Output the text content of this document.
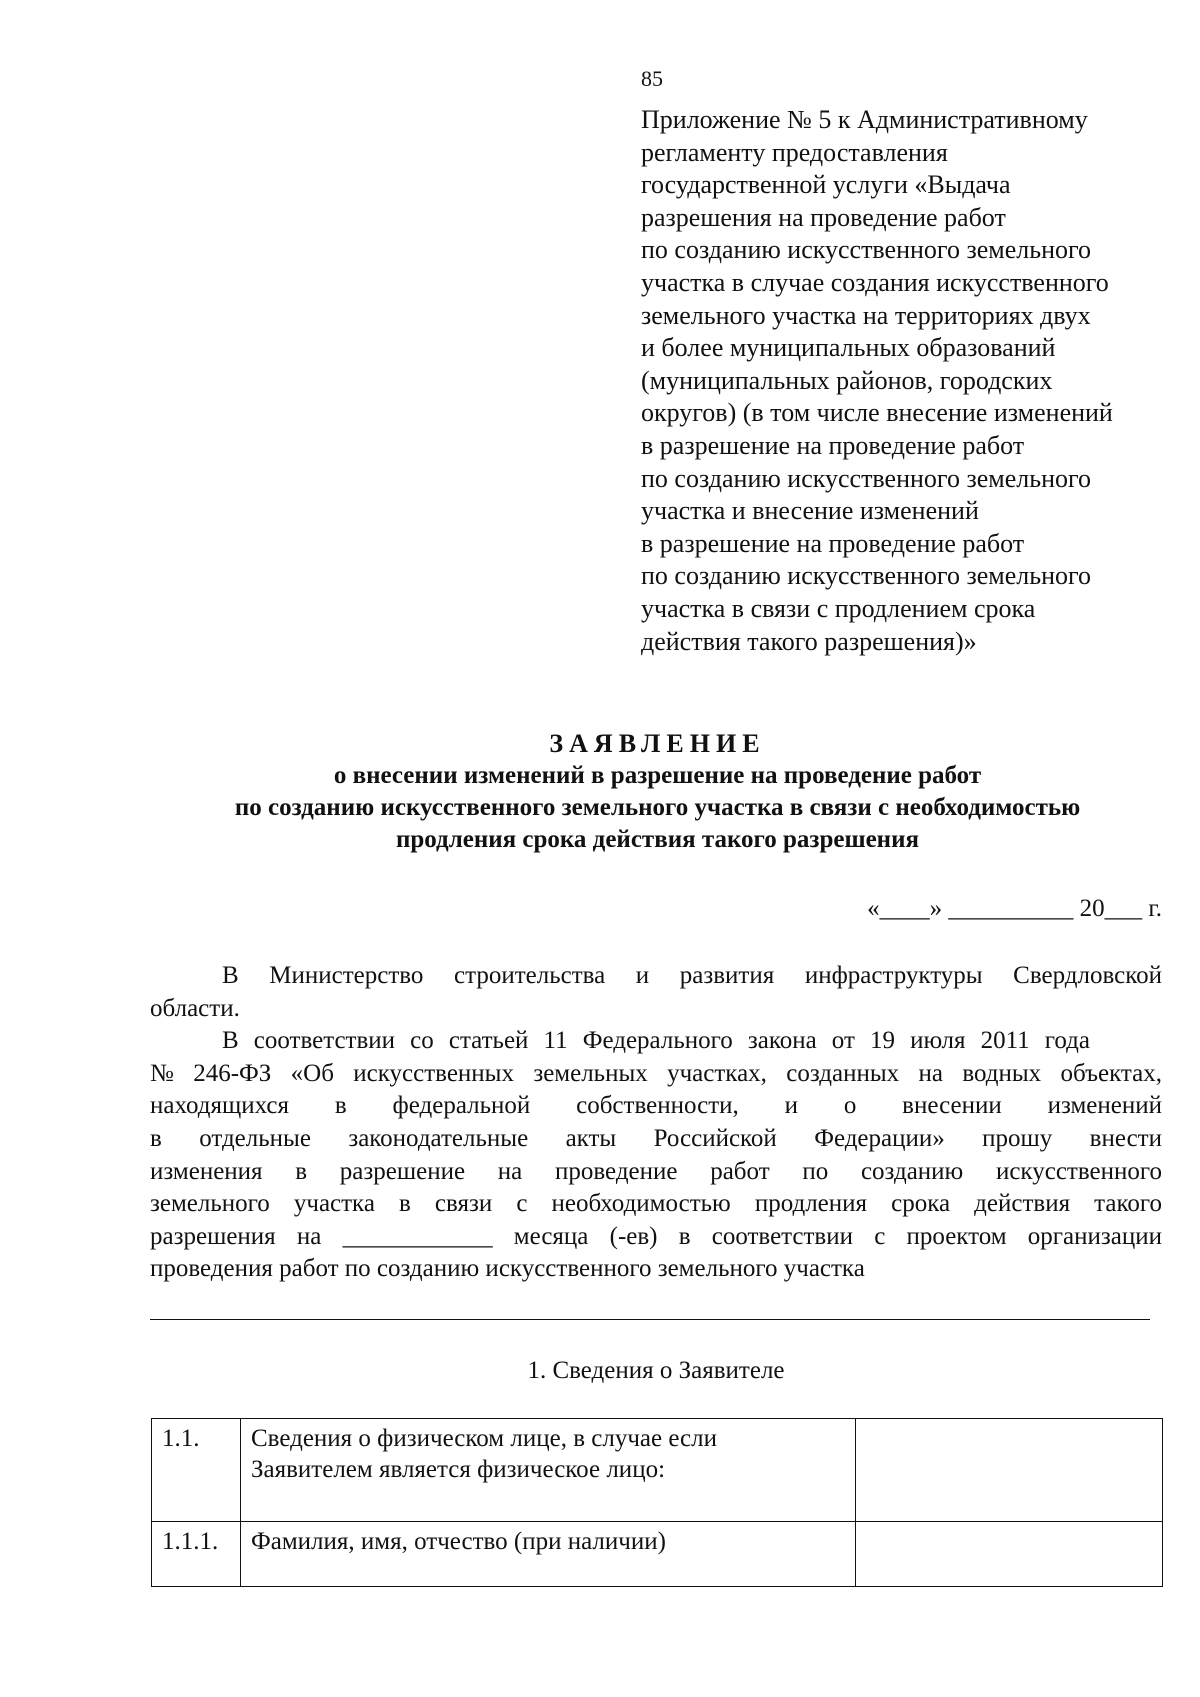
85
Приложение № 5 к Административному
регламенту предоставления
государственной услуги «Выдача
разрешения на проведение работ
по созданию искусственного земельного
участка в случае создания искусственного
земельного участка на территориях двух
и более муниципальных образований
(муниципальных районов, городских
округов) (в том числе внесение изменений
в разрешение на проведение работ
по созданию искусственного земельного
участка и внесение изменений
в разрешение на проведение работ
по созданию искусственного земельного
участка в связи с продлением срока
действия такого разрешения)»
ЗАЯВЛЕНИЕ
о внесении изменений в разрешение на проведение работ
по созданию искусственного земельного участка в связи с необходимостью
продления срока действия такого разрешения
«____» __________ 20___ г.
В Министерство строительства и развития инфраструктуры Свердловской
области.
В соответствии со статьей 11 Федерального закона от 19 июля 2011 года № 246-ФЗ «Об искусственных земельных участках, созданных на водных объектах, находящихся в федеральной собственности, и о внесении изменений в отдельные законодательные акты Российской Федерации» прошу внести изменения в разрешение на проведение работ по созданию искусственного земельного участка в связи с необходимостью продления срока действия такого разрешения на ____________ месяца (-ев) в соответствии с проектом организации проведения работ по созданию искусственного земельного участка
1. Сведения о Заявителе
1.1.	Сведения о физическом лице, в случае если
Заявителем является физическое лицо:	

1.1.1.	Фамилия, имя, отчество (при наличии)	
